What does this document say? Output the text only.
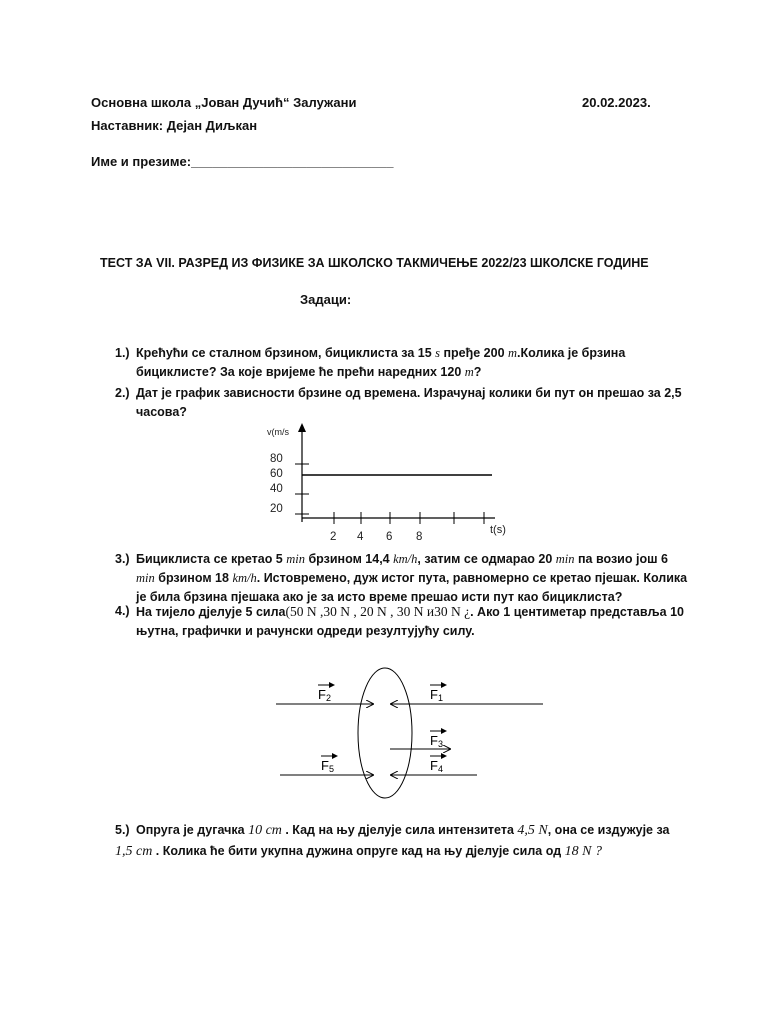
Основна школа „Јован Дучић“ Залужани	20.02.2023.
Наставник: Дејан Диљкан
Име и презиме:____________________________
ТЕСТ ЗА VII. РАЗРЕД ИЗ ФИЗИКЕ ЗА ШКОЛСКО ТАКМИЧЕЊЕ 2022/23 ШКОЛСКЕ ГОДИНЕ
Задаци:
1.) Крећући се сталном брзином, бициклиста за 15 s пређе 200 m.Колика је брзина
бициклисте? За које вријеме ће прећи наредних 120 m?
2.) Дат је график зависности брзине од времена. Израчунај колики би пут он прешао за 2,5
часова?
v(m/s
t(s)
80
60
40
20
2 4 6 8
3.) Бициклиста се кретао 5 min брзином 14,4 km/h, затим се одмарао 20 min па возио још 6
min брзином 18 km/h. Истовремено, дуж истог пута, равномерно се кретао пјешак. Колика
је била брзина пјешака ако је за исто време прешао исти пут као бициклиста?
4.) На тијело дјелује 5 сила(50 N ,30 N , 20 N , 30 N и30 N ¿. Ако 1 центиметар представља 10
њутна, графички и рачунски одреди резултујућу силу.
F 2	F 1
F 3
F 5	F 4
5.) Опруга је дугачка 10 cm . Кад на њу дјелује сила интензитета 4,5 N, она се издужује за
1,5 cm . Колика ће бити укупна дужина опруге кад на њу дјелује сила од 18 N ?
